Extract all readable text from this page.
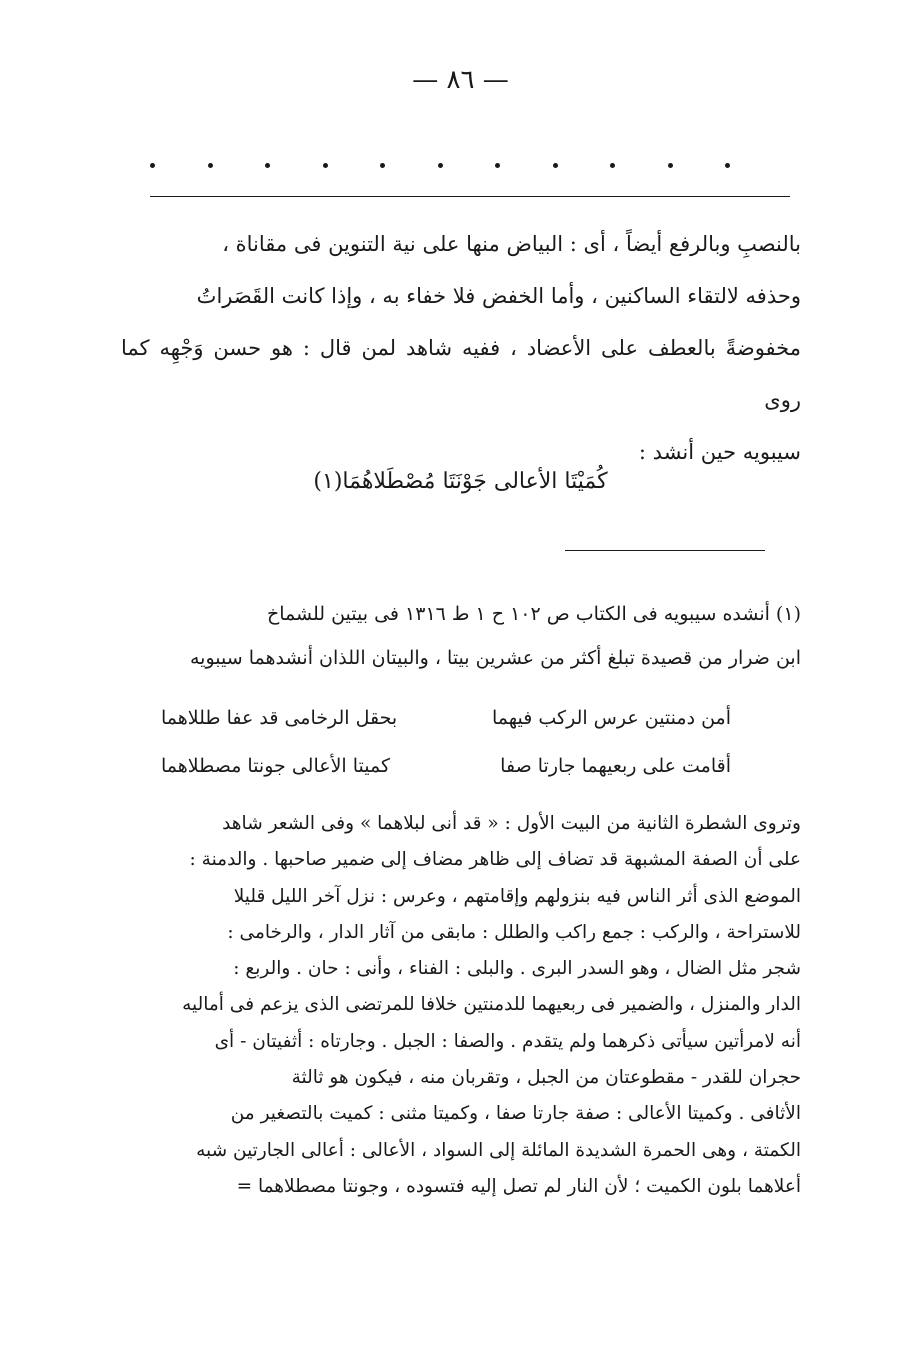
— ٨٦ —

بالنصبِ وبالرفع أيضاً ، أى : البياض منها على نية التنوين فى مقاناة ،

وحذفه لالتقاء الساكنين ، وأما الخفض فلا خفاء به ، وإذا كانت القَصَراتُ

مخفوضةً بالعطف على الأعضاد ، ففيه شاهد لمن قال : هو حسن وَجْهِه كما روى

سيبويه حين أنشد :

كُمَيْتَا الأعالى جَوْنَتَا مُصْطَلاهُمَا(١)

(١) أنشده سيبويه فى الكتاب ص ١٠٢ ح ١ ط ١٣١٦ فى بيتين للشماخ

ابن ضرار من قصيدة تبلغ أكثر من عشرين بيتا ، والبيتان اللذان أنشدهما سيبويه

أمن دمنتين عرس الركب فيهما
بحقل الرخامى قد عفا طللاهما
أقامت على ربعيهما جارتا صفا
كميتا الأعالى جونتا مصطلاهما

وتروى الشطرة الثانية من البيت الأول : « قد أنى لبلاهما » وفى الشعر شاهد

على أن الصفة المشبهة قد تضاف إلى ظاهر مضاف إلى ضمير صاحبها . والدمنة :

الموضع الذى أثر الناس فيه بنزولهم وإقامتهم ، وعرس : نزل آخر الليل قليلا

للاستراحة ، والركب : جمع راكب والطلل : مابقى من آثار الدار ، والرخامى :

شجر مثل الضال ، وهو السدر البرى . والبلى : الفناء ، وأنى : حان . والربع :

الدار والمنزل ، والضمير فى ربعيهما للدمنتين خلافا للمرتضى الذى يزعم فى أماليه

أنه لامرأتين سيأتى ذكرهما ولم يتقدم . والصفا : الجبل . وجارتاه : أثفيتان - أى

حجران للقدر - مقطوعتان من الجبل ، وتقربان منه ، فيكون هو ثالثة

الأثافى . وكميتا الأعالى : صفة جارتا صفا ، وكميتا مثنى : كميت بالتصغير من

الكمتة ، وهى الحمرة الشديدة المائلة إلى السواد ، الأعالى : أعالى الجارتين شبه

أعلاهما بلون الكميت ؛ لأن النار لم تصل إليه فتسوده ، وجونتا مصطلاهما =
